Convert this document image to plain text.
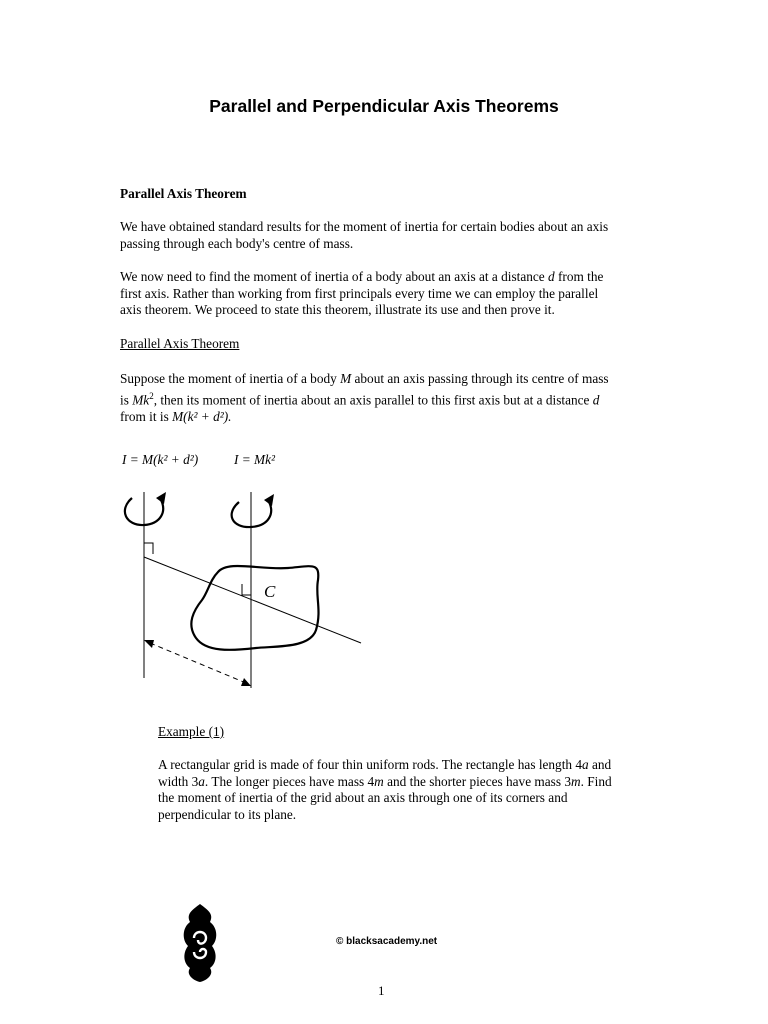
Parallel and Perpendicular Axis Theorems
Parallel Axis Theorem
We have obtained standard results for the moment of inertia for certain bodies about an axis
passing through each body's centre of mass.
We now need to find the moment of inertia of a body about an axis at a distance d from the
first axis. Rather than working from first principals every time we can employ the parallel
axis theorem. We proceed to state this theorem, illustrate its use and then prove it.
Parallel Axis Theorem
Suppose the moment of inertia of a body M about an axis passing through its centre of mass
is Mk$^2$, then its moment of inertia about an axis parallel to this first axis but at a distance d
from it is M(k² + d²).
I = M(k² + d²)	I = Mk²
C
Example (1)
A rectangular grid is made of four thin uniform rods. The rectangle has length 4a and
width 3a. The longer pieces have mass 4m and the shorter pieces have mass 3m. Find
the moment of inertia of the grid about an axis through one of its corners and
perpendicular to its plane.
© blacksacademy.net
1
